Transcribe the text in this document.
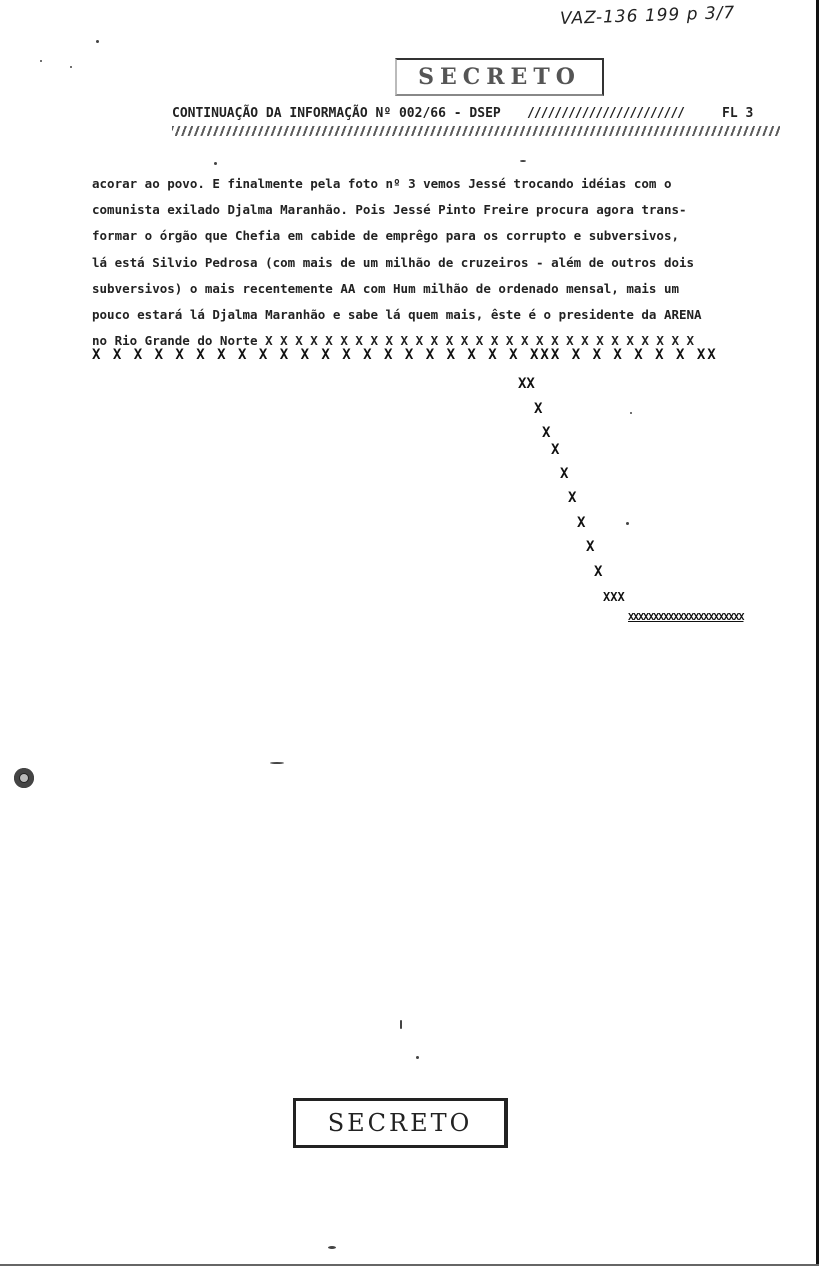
VAZ-136 199 p 3/7
SECRETO
CONTINUAÇÃO DA INFORMAÇÃO Nº 002/66 - DSEP ///////////////////////	FL 3
acorar ao povo. E finalmente pela foto nº 3 vemos Jessé trocando idéias com o
comunista exilado Djalma Maranhão. Pois Jessé Pinto Freire procura agora trans-
formar o órgão que Chefia em cabide de emprêgo para os corrupto e subversivos,
lá está Silvio Pedrosa (com mais de um milhão de cruzeiros - além de outros dois
subversivos) o mais recentemente AA com Hum milhão de ordenado mensal, mais um
pouco estará lá Djalma Maranhão e sabe lá quem mais, êste é o presidente da ARENA
no Rio Grande do Norte X X X X X X X X X X X X X X X X X X X X X X X X X X X X X
X X X X X X X X X X X X X X X X X X X X X XXX X X X X X X XX
XX
X
X
X
X
X
X
X
X
XXX
XXXXXXXXXXXXXXXXXXXXXXX
SECRETO
